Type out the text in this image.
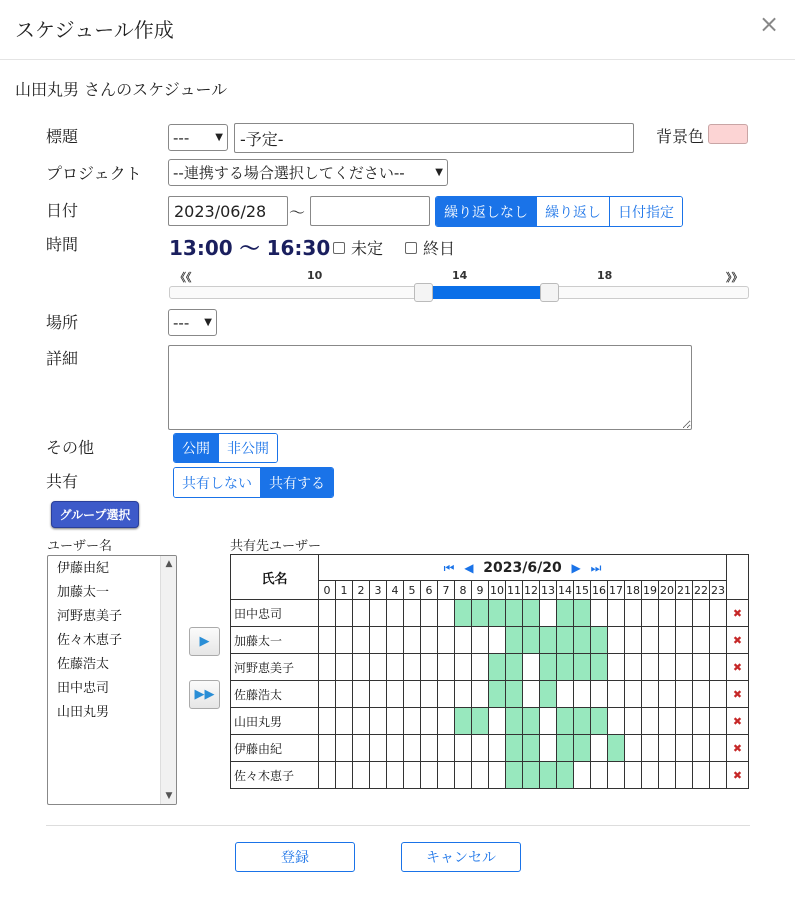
スケジュール作成	×
山田丸男 さんのスケジュール
標題	---	▼ -予定-	背景色
プロジェクト --連携する場合選択してください--	▼
日付	2023/06/28 〜	繰り返しなし	繰り返し	日付指定
時間	13:00 〜 16:30 未定 終日
《《	10	14	18	》》
場所	--- ▼
詳細
その他	公開	非公開
共有	共有しない	共有する
グループ選択
ユーザー名
伊藤由紀
加藤太一
河野恵美子
佐々木恵子
佐藤浩太
田中忠司
山田丸男
▲
▼
▶
▶▶
共有先ユーザー
氏名	⏮ ◀ 2023/6/20 ▶ ⏭																								
	0	1	2	3	4	5	6	7	8	9	10	11	12	13	14	15	16	17	18	19	20	21	22	23	
田中忠司																									✖
加藤太一																									✖
河野恵美子																									✖
佐藤浩太																									✖
山田丸男																									✖
伊藤由紀																									✖
佐々木恵子																									✖
登録	キャンセル
